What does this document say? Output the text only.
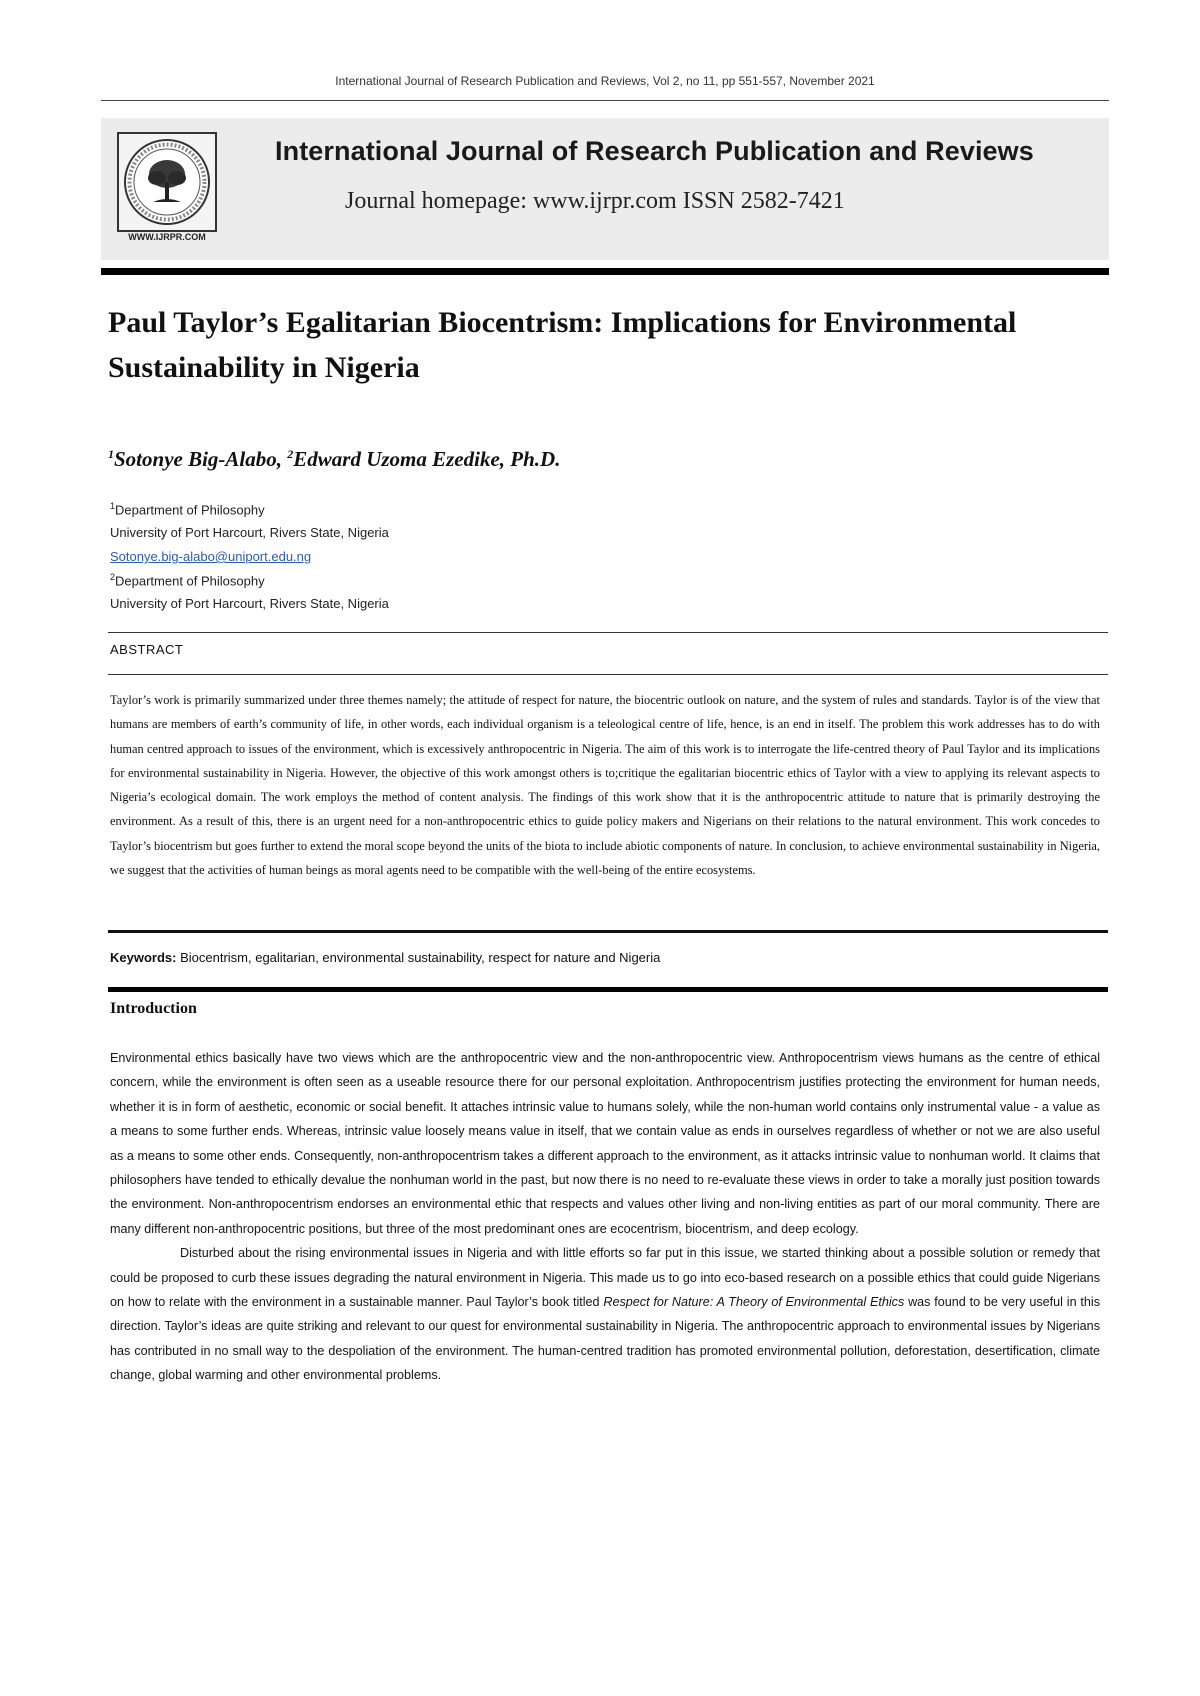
International Journal of Research Publication and Reviews, Vol 2, no 11, pp 551-557, November 2021
WWW.IJRPR.COM
International Journal of Research Publication and Reviews
Journal homepage: www.ijrpr.com ISSN 2582-7421
Paul Taylor’s Egalitarian Biocentrism: Implications for Environmental
Sustainability in Nigeria
$^1$Sotonye Big-Alabo, $^2$Edward Uzoma Ezedike, Ph.D.
$^1$Department of Philosophy
University of Port Harcourt, Rivers State, Nigeria
Sotonye.big-alabo@uniport.edu.ng
$^2$Department of Philosophy
University of Port Harcourt, Rivers State, Nigeria
ABSTRACT
Taylor’s work is primarily summarized under three themes namely; the attitude of respect for nature, the biocentric outlook on nature, and the system of rules and standards. Taylor is of the view that humans are members of earth’s community of life, in other words, each individual organism is a teleological centre of life, hence, is an end in itself. The problem this work addresses has to do with human centred approach to issues of the environment, which is excessively anthropocentric in Nigeria. The aim of this work is to interrogate the life-centred theory of Paul Taylor and its implications for environmental sustainability in Nigeria. However, the objective of this work amongst others is to;critique the egalitarian biocentric ethics of Taylor with a view to applying its relevant aspects to Nigeria’s ecological domain. The work employs the method of content analysis. The findings of this work show that it is the anthropocentric attitude to nature that is primarily destroying the environment. As a result of this, there is an urgent need for a non-anthropocentric ethics to guide policy makers and Nigerians on their relations to the natural environment. This work concedes to Taylor’s biocentrism but goes further to extend the moral scope beyond the units of the biota to include abiotic components of nature. In conclusion, to achieve environmental sustainability in Nigeria, we suggest that the activities of human beings as moral agents need to be compatible with the well-being of the entire ecosystems.
Keywords: Biocentrism, egalitarian, environmental sustainability, respect for nature and Nigeria
Introduction

Environmental ethics basically have two views which are the anthropocentric view and the non-anthropocentric view. Anthropocentrism views humans as the centre of ethical concern, while the environment is often seen as a useable resource there for our personal exploitation. Anthropocentrism justifies protecting the environment for human needs, whether it is in form of aesthetic, economic or social benefit. It attaches intrinsic value to humans solely, while the non-human world contains only instrumental value - a value as a means to some further ends. Whereas, intrinsic value loosely means value in itself, that we contain value as ends in ourselves regardless of whether or not we are also useful as a means to some other ends. Consequently, non-anthropocentrism takes a different approach to the environment, as it attacks intrinsic value to nonhuman world. It claims that philosophers have tended to ethically devalue the nonhuman world in the past, but now there is no need to re-evaluate these views in order to take a morally just position towards the environment. Non-anthropocentrism endorses an environmental ethic that respects and values other living and non-living entities as part of our moral community. There are many different non-anthropocentric positions, but three of the most predominant ones are ecocentrism, biocentrism, and deep ecology.

Disturbed about the rising environmental issues in Nigeria and with little efforts so far put in this issue, we started thinking about a possible solution or remedy that could be proposed to curb these issues degrading the natural environment in Nigeria. This made us to go into eco-based research on a possible ethics that could guide Nigerians on how to relate with the environment in a sustainable manner. Paul Taylor’s book titled Respect for Nature: A Theory of Environmental Ethics was found to be very useful in this direction. Taylor’s ideas are quite striking and relevant to our quest for environmental sustainability in Nigeria. The anthropocentric approach to environmental issues by Nigerians has contributed in no small way to the despoliation of the environment. The human-centred tradition has promoted environmental pollution, deforestation, desertification, climate change, global warming and other environmental problems.
